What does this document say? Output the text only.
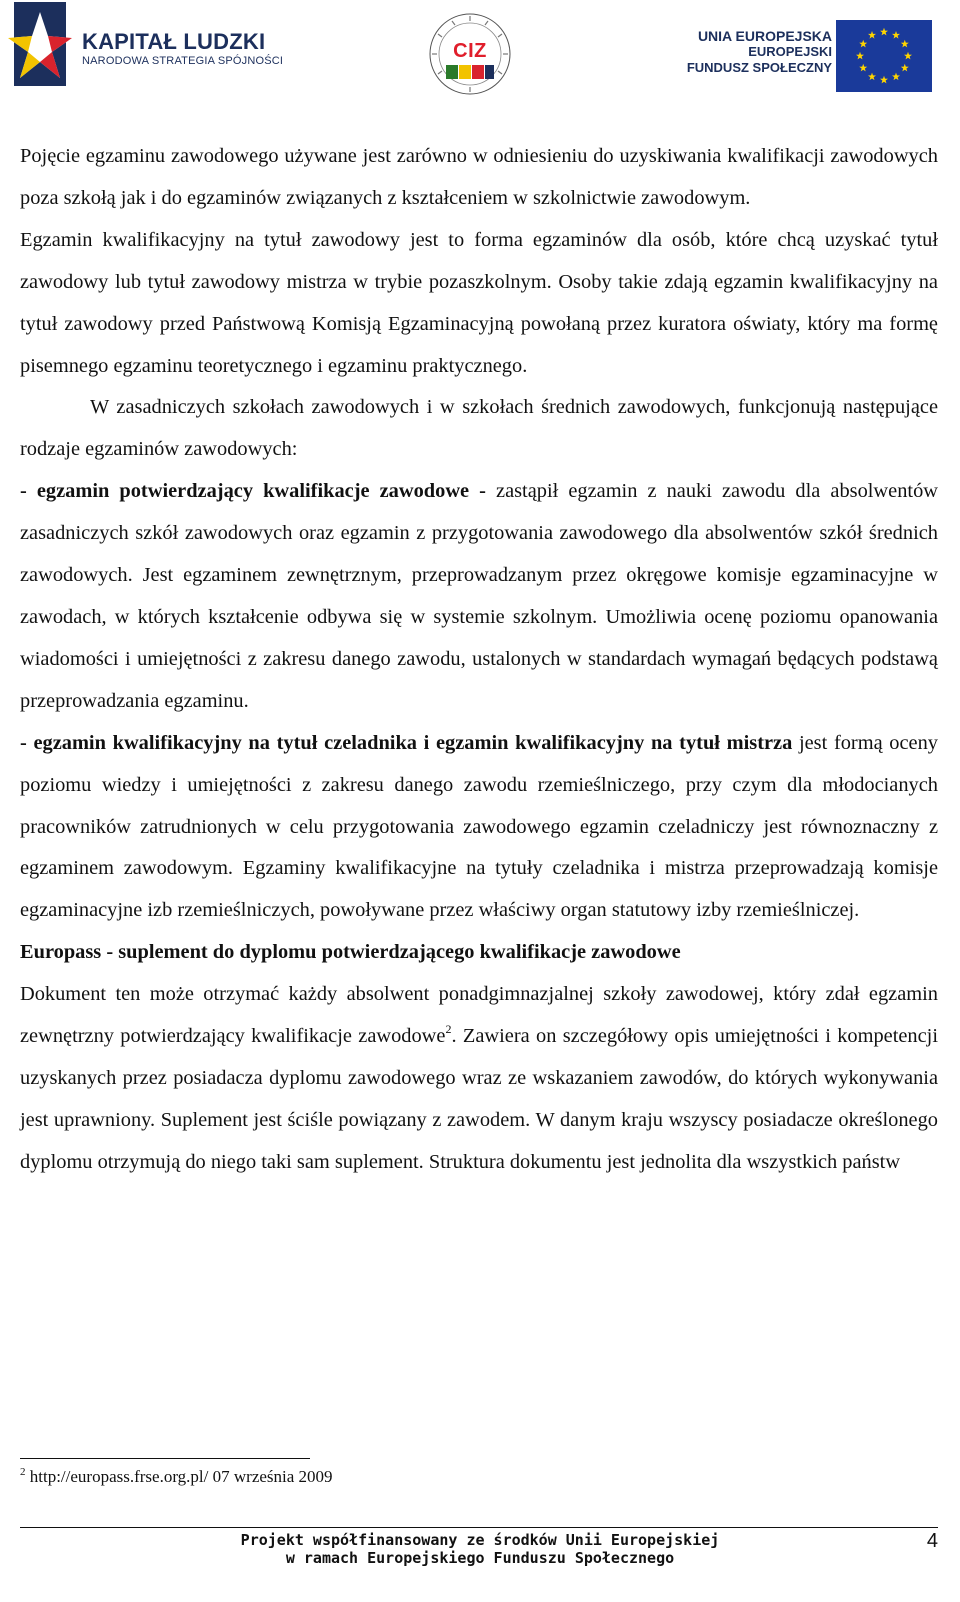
KAPITAŁ LUDZKI
NARODOWA STRATEGIA SPÓJNOŚCI	CIZ
UNIA EUROPEJSKA
EUROPEJSKI
FUNDUSZ SPOŁECZNY

Pojęcie egzaminu zawodowego używane jest zarówno w odniesieniu do uzyskiwania kwalifikacji zawodowych poza szkołą jak i do egzaminów związanych z kształceniem w szkolnictwie zawodowym.

Egzamin kwalifikacyjny na tytuł zawodowy jest to forma egzaminów dla osób, które chcą uzyskać tytuł zawodowy lub tytuł zawodowy mistrza w trybie pozaszkolnym. Osoby takie zdają egzamin kwalifikacyjny na tytuł zawodowy przed Państwową Komisją Egzaminacyjną powołaną przez kuratora oświaty, który ma formę pisemnego egzaminu teoretycznego i egzaminu praktycznego.

W zasadniczych szkołach zawodowych i w szkołach średnich zawodowych, funkcjonują następujące rodzaje egzaminów zawodowych:

- egzamin potwierdzający kwalifikacje zawodowe - zastąpił egzamin z nauki zawodu dla absolwentów zasadniczych szkół zawodowych oraz egzamin z przygotowania zawodowego dla absolwentów szkół średnich zawodowych. Jest egzaminem zewnętrznym, przeprowadzanym przez okręgowe komisje egzaminacyjne w zawodach, w których kształcenie odbywa się w systemie szkolnym. Umożliwia ocenę poziomu opanowania wiadomości i umiejętności z zakresu danego zawodu, ustalonych w standardach wymagań będących podstawą przeprowadzania egzaminu.

- egzamin kwalifikacyjny na tytuł czeladnika i egzamin kwalifikacyjny na tytuł mistrza jest formą oceny poziomu wiedzy i umiejętności z zakresu danego zawodu rzemieślniczego, przy czym dla młodocianych pracowników zatrudnionych w celu przygotowania zawodowego egzamin czeladniczy jest równoznaczny z egzaminem zawodowym. Egzaminy kwalifikacyjne na tytuły czeladnika i mistrza przeprowadzają komisje egzaminacyjne izb rzemieślniczych, powoływane przez właściwy organ statutowy izby rzemieślniczej.

Europass - suplement do dyplomu potwierdzającego kwalifikacje zawodowe

Dokument ten może otrzymać każdy absolwent ponadgimnazjalnej szkoły zawodowej, który zdał egzamin zewnętrzny potwierdzający kwalifikacje zawodowe$^2$. Zawiera on szczegółowy opis umiejętności i kompetencji uzyskanych przez posiadacza dyplomu zawodowego wraz ze wskazaniem zawodów, do których wykonywania jest uprawniony. Suplement jest ściśle powiązany z zawodem. W danym kraju wszyscy posiadacze określonego dyplomu otrzymują do niego taki sam suplement. Struktura dokumentu jest jednolita dla wszystkich państw

$^2$ http://europass.frse.org.pl/ 07 września 2009
Projekt współfinansowany ze środków Unii Europejskiej
w ramach Europejskiego Funduszu Społecznego
4
